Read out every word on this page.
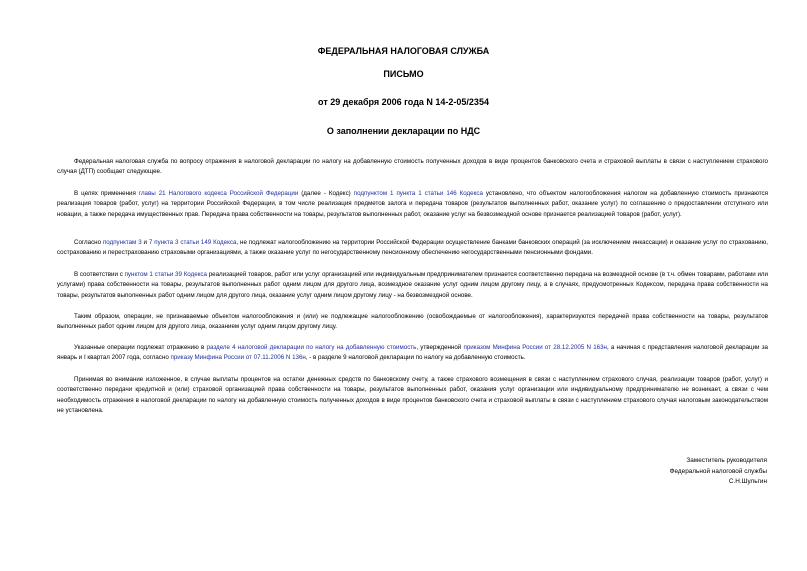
ФЕДЕРАЛЬНАЯ НАЛОГОВАЯ СЛУЖБА
ПИСЬМО
от 29 декабря 2006 года N 14-2-05/2354
О заполнении декларации по НДС

Федеральная налоговая служба по вопросу отражения в налоговой декларации по налогу на добавленную стоимость полученных доходов в виде процентов банковского счета и страховой выплаты в связи с наступлением страхового случая (ДТП) сообщает следующее.

В целях применения главы 21 Налогового кодекса Российской Федерации (далее - Кодекс) подпунктом 1 пункта 1 статьи 146 Кодекса установлено, что объектом налогообложения налогом на добавленную стоимость признаются реализация товаров (работ, услуг) на территории Российской Федерации, в том числе реализация предметов залога и передача товаров (результатов выполненных работ, оказание услуг) по соглашению о предоставлении отступного или новации, а также передача имущественных прав. Передача права собственности на товары, результатов выполненных работ, оказание услуг на безвозмездной основе признается реализацией товаров (работ, услуг).

Согласно подпунктам 3 и 7 пункта 3 статьи 149 Кодекса, не подлежат налогообложению на территории Российской Федерации осуществление банками банковских операций (за исключением инкассации) и оказание услуг по страхованию, сострахованию и перестрахованию страховыми организациями, а также оказание услуг по негосударственному пенсионному обеспечению негосударственными пенсионными фондами.

В соответствии с пунктом 1 статьи 39 Кодекса реализацией товаров, работ или услуг организацией или индивидуальным предпринимателем признается соответственно передача на возмездной основе (в т.ч. обмен товарами, работами или услугами) права собственности на товары, результатов выполненных работ одним лицом для другого лица, возмездное оказание услуг одним лицом другому лицу, а в случаях, предусмотренных Кодексом, передача права собственности на товары, результатов выполненных работ одним лицом для другого лица, оказание услуг одним лицом другому лицу - на безвозмездной основе.

Таким образом, операции, не признаваемые объектом налогообложения и (или) не подлежащие налогообложению (освобождаемые от налогообложения), характеризуются передачей права собственности на товары, результатов выполненных работ одним лицом для другого лица, оказанием услуг одним лицом другому лицу.

Указанные операции подлежат отражению в разделе 4 налоговой декларации по налогу на добавленную стоимость, утвержденной приказом Минфина России от 28.12.2005 N 163н, а начиная с представления налоговой декларации за январь и I квартал 2007 года, согласно приказу Минфина России от 07.11.2006 N 136н, - в разделе 9 налоговой декларации по налогу на добавленную стоимость.

Принимая во внимание изложенное, в случае выплаты процентов на остатки денежных средств по банковскому счету, а также страхового возмещения в связи с наступлением страхового случая, реализации товаров (работ, услуг) и соответственно передачи кредитной и (или) страховой организацией права собственности на товары, результатов выполненных работ, оказания услуг организации или индивидуальному предпринимателю не возникает, а связи с чем необходимость отражения в налоговой декларации по налогу на добавленную стоимость полученных доходов в виде процентов банковского счета и страховой выплаты в связи с наступлением страхового случая налоговым законодательством не установлена.

Заместитель руководителя
Федеральной налоговой службы
С.Н.Шульгин
